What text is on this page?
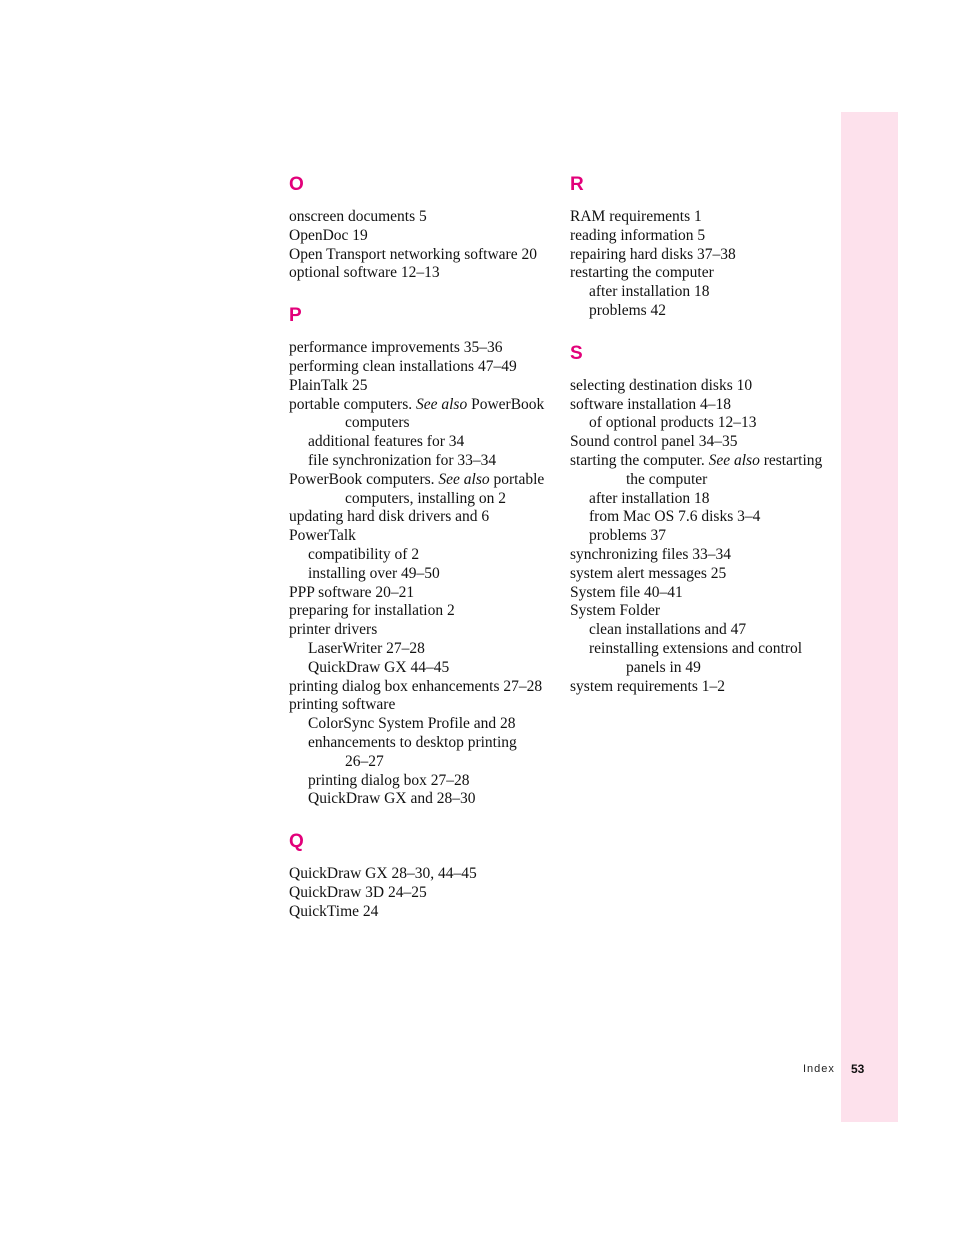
O
onscreen documents 5
OpenDoc 19
Open Transport networking software 20
optional software 12–13
P
performance improvements 35–36
performing clean installations 47–49
PlainTalk 25
portable computers. See also PowerBook
computers
additional features for 34
file synchronization for 33–34
PowerBook computers. See also portable
computers, installing on 2
updating hard disk drivers and 6
PowerTalk
compatibility of 2
installing over 49–50
PPP software 20–21
preparing for installation 2
printer drivers
LaserWriter 27–28
QuickDraw GX 44–45
printing dialog box enhancements 27–28
printing software
ColorSync System Profile and 28
enhancements to desktop printing
26–27
printing dialog box 27–28
QuickDraw GX and 28–30
Q
QuickDraw GX 28–30, 44–45
QuickDraw 3D 24–25
QuickTime 24
R
RAM requirements 1
reading information 5
repairing hard disks 37–38
restarting the computer
after installation 18
problems 42
S
selecting destination disks 10
software installation 4–18
of optional products 12–13
Sound control panel 34–35
starting the computer. See also restarting
the computer
after installation 18
from Mac OS 7.6 disks 3–4
problems 37
synchronizing files 33–34
system alert messages 25
System file 40–41
System Folder
clean installations and 47
reinstalling extensions and control
panels in 49
system requirements 1–2
Index 53
